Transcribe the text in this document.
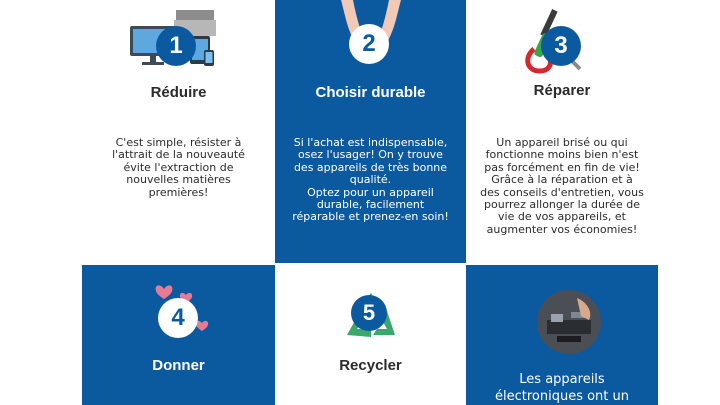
1
Réduire
C'est simple, résister à
l'attrait de la nouveauté
évite l'extraction de
nouvelles matières
premières!
2
Choisir durable
Si l'achat est indispensable,
osez l'usager! On y trouve
des appareils de très bonne
qualité.
Optez pour un appareil
durable, facilement
réparable et prenez-en soin!
3
Réparer
Un appareil brisé ou qui
fonctionne moins bien n'est
pas forcément en fin de vie!
Grâce à la réparation et à
des conseils d'entretien, vous
pourrez allonger la durée de
vie de vos appareils, et
augmenter vos économies!
4
Donner
5
Recycler
Les appareils
électroniques ont un
